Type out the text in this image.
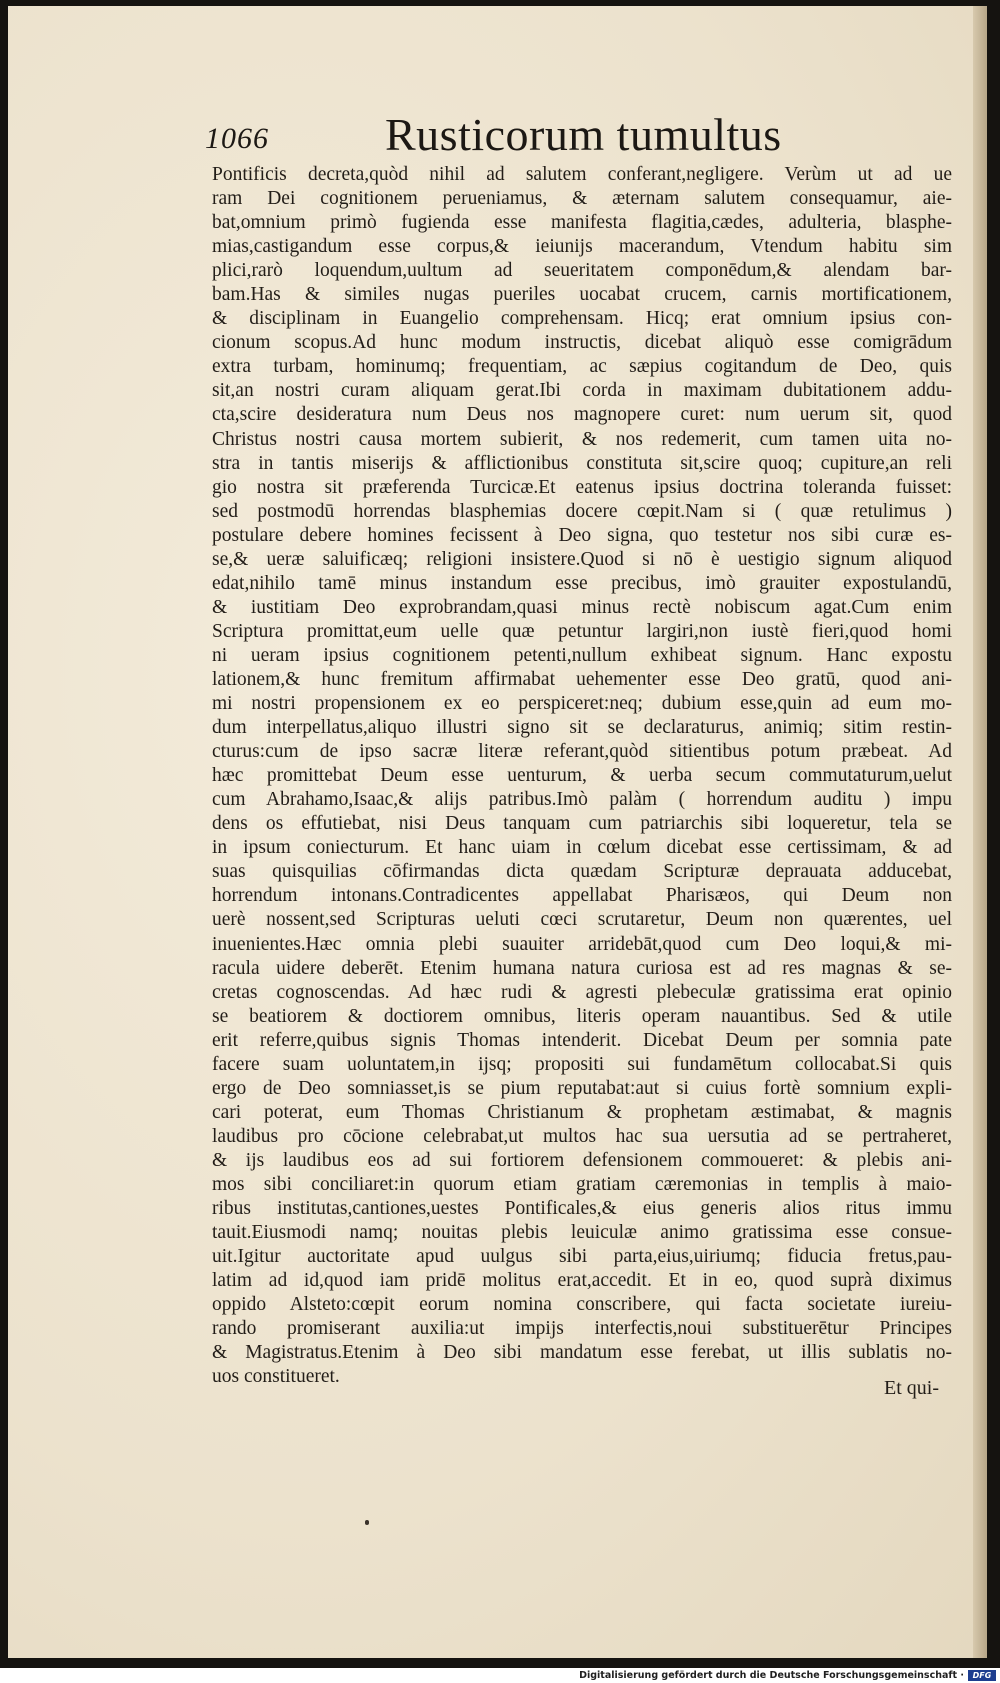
1066	Rusticorum tumultus
Pontificis decreta,quòd nihil ad salutem conferant,negligere. Verùm ut ad ue
ram Dei cognitionem perueniamus, & æternam salutem consequamur, aie-
bat,omnium primò fugienda esse manifesta flagitia,cædes, adulteria, blasphe-
mias,castigandum esse corpus,& ieiunijs macerandum, Vtendum habitu sim
plici,rarò loquendum,uultum ad seueritatem componēdum,& alendam bar-
bam.Has & similes nugas pueriles uocabat crucem, carnis mortificationem,
& disciplinam in Euangelio comprehensam. Hicq; erat omnium ipsius con-
cionum scopus.Ad hunc modum instructis, dicebat aliquò esse comigrādum
extra turbam, hominumq; frequentiam, ac sæpius cogitandum de Deo, quis
sit,an nostri curam aliquam gerat.Ibi corda in maximam dubitationem addu-
cta,scire desideratura num Deus nos magnopere curet: num uerum sit, quod
Christus nostri causa mortem subierit, & nos redemerit, cum tamen uita no-
stra in tantis miserijs & afflictionibus constituta sit,scire quoq; cupiture,an reli
gio nostra sit præferenda Turcicæ.Et eatenus ipsius doctrina toleranda fuisset:
sed postmodū horrendas blasphemias docere cœpit.Nam si ( quæ retulimus )
postulare debere homines fecissent à Deo signa, quo testetur nos sibi curæ es-
se,& ueræ saluificæq; religioni insistere.Quod si nō è uestigio signum aliquod
edat,nihilo tamē minus instandum esse precibus, imò grauiter expostulandū,
& iustitiam Deo exprobrandam,quasi minus rectè nobiscum agat.Cum enim
Scriptura promittat,eum uelle quæ petuntur largiri,non iustè fieri,quod homi
ni ueram ipsius cognitionem petenti,nullum exhibeat signum. Hanc expostu
lationem,& hunc fremitum affirmabat uehementer esse Deo gratū, quod ani-
mi nostri propensionem ex eo perspiceret:neq; dubium esse,quin ad eum mo-
dum interpellatus,aliquo illustri signo sit se declaraturus, animiq; sitim restin-
cturus:cum de ipso sacræ literæ referant,quòd sitientibus potum præbeat. Ad
hæc promittebat Deum esse uenturum, & uerba secum commutaturum,uelut
cum Abrahamo,Isaac,& alijs patribus.Imò palàm ( horrendum auditu ) impu
dens os effutiebat, nisi Deus tanquam cum patriarchis sibi loqueretur, tela se
in ipsum coniecturum. Et hanc uiam in cœlum dicebat esse certissimam, & ad
suas quisquilias cōfirmandas dicta quædam Scripturæ deprauata adducebat,
horrendum intonans.Contradicentes appellabat Pharisæos, qui Deum non
uerè nossent,sed Scripturas ueluti cœci scrutaretur, Deum non quærentes, uel
inuenientes.Hæc omnia plebi suauiter arridebāt,quod cum Deo loqui,& mi-
racula uidere deberēt. Etenim humana natura curiosa est ad res magnas & se-
cretas cognoscendas. Ad hæc rudi & agresti plebeculæ gratissima erat opinio
se beatiorem & doctiorem omnibus, literis operam nauantibus. Sed & utile
erit referre,quibus signis Thomas intenderit. Dicebat Deum per somnia pate
facere suam uoluntatem,in ijsq; propositi sui fundamētum collocabat.Si quis
ergo de Deo somniasset,is se pium reputabat:aut si cuius fortè somnium expli-
cari poterat, eum Thomas Christianum & prophetam æstimabat, & magnis
laudibus pro cōcione celebrabat,ut multos hac sua uersutia ad se pertraheret,
& ijs laudibus eos ad sui fortiorem defensionem commoueret: & plebis ani-
mos sibi conciliaret:in quorum etiam gratiam cæremonias in templis à maio-
ribus institutas,cantiones,uestes Pontificales,& eius generis alios ritus immu
tauit.Eiusmodi namq; nouitas plebis leuiculæ animo gratissima esse consue-
uit.Igitur auctoritate apud uulgus sibi parta,eius,uiriumq; fiducia fretus,pau-
latim ad id,quod iam pridē molitus erat,accedit. Et in eo, quod suprà diximus
oppido Alsteto:cœpit eorum nomina conscribere, qui facta societate iureiu-
rando promiserant auxilia:ut impijs interfectis,noui substituerētur Principes
& Magistratus.Etenim à Deo sibi mandatum esse ferebat, ut illis sublatis no-
uos constitueret.
Et qui-
Digitalisierung gefördert durch die Deutsche Forschungsgemeinschaft ·	DFG
